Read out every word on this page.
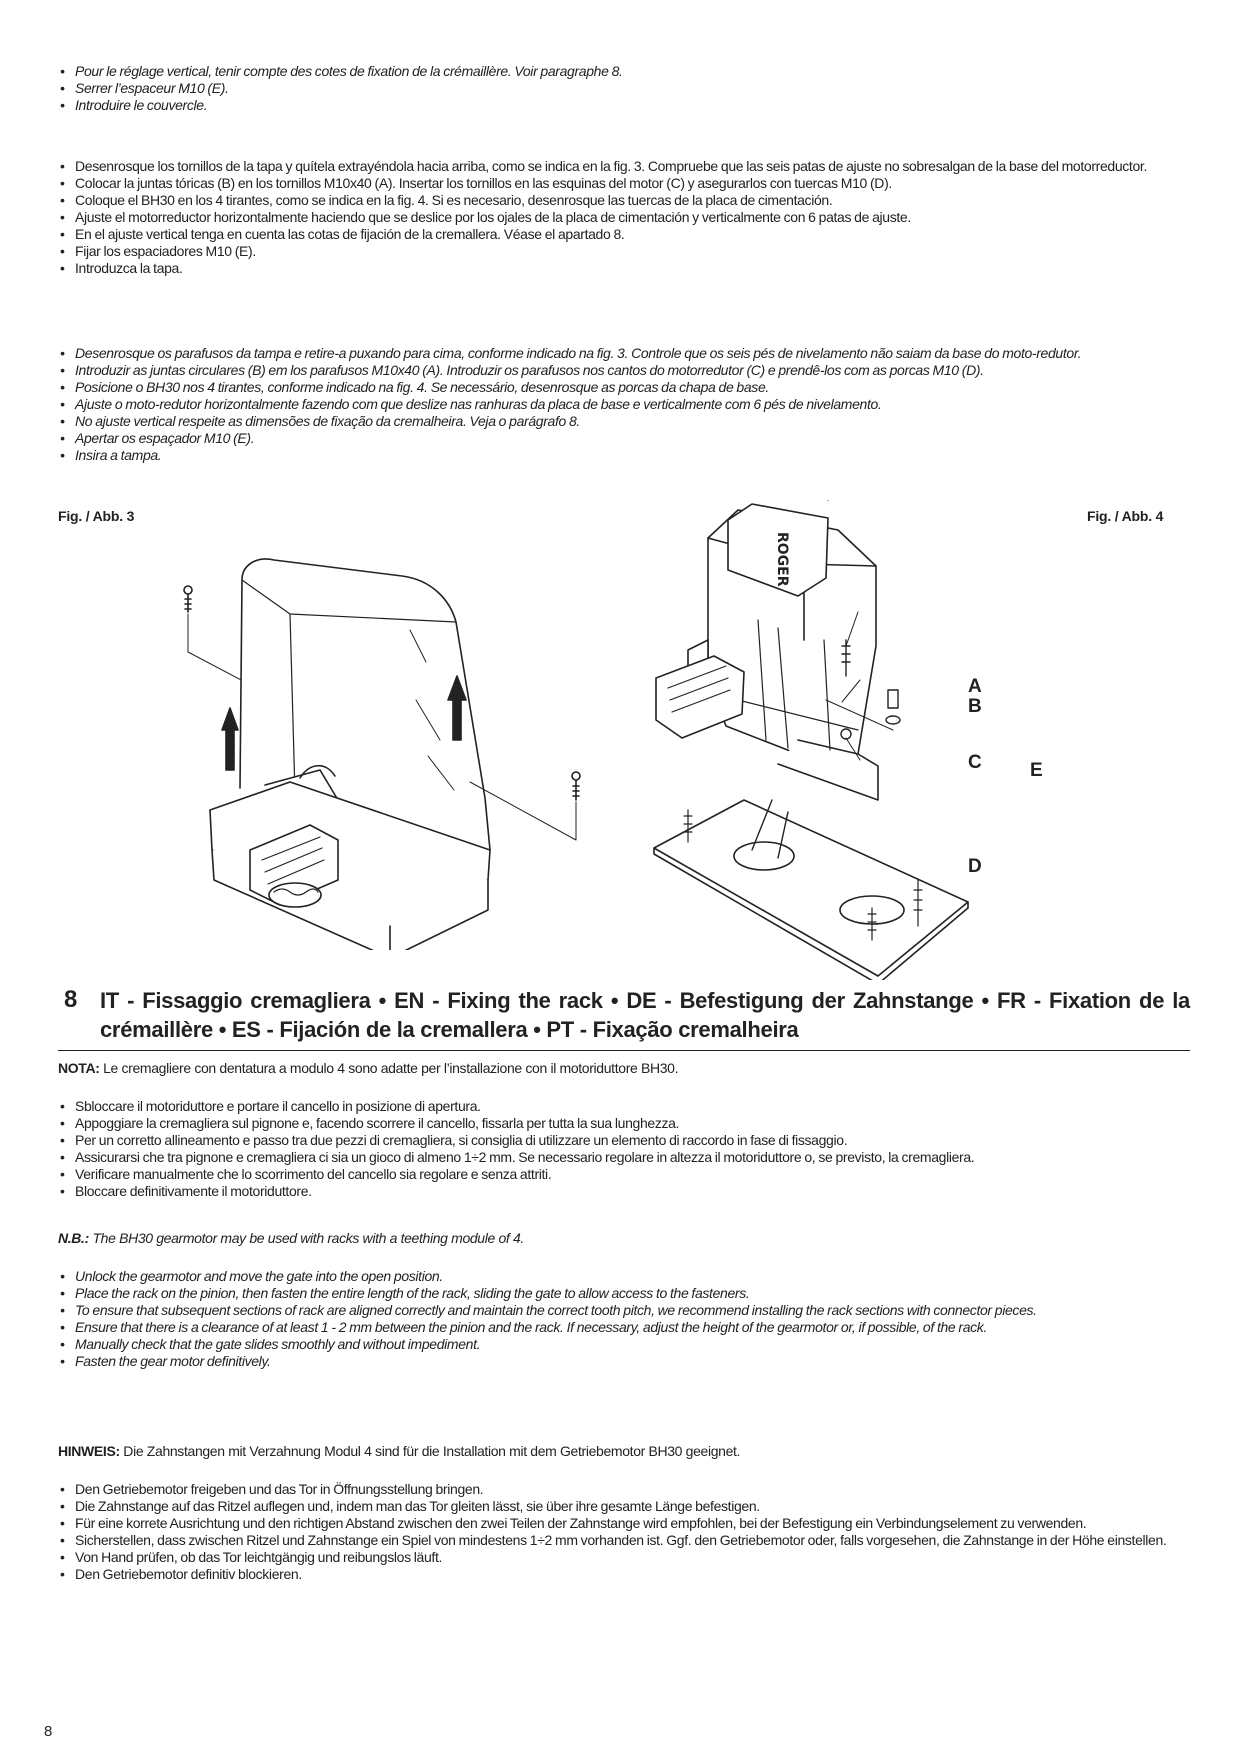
• Pour le réglage vertical, tenir compte des cotes de fixation de la crémaillère. Voir paragraphe 8.
• Serrer l’espaceur M10 (E).
• Introduire le couvercle.
• Desenrosque los tornillos de la tapa y quítela extrayéndola hacia arriba, como se indica en la fig. 3. Compruebe que las seis patas de ajuste no sobresalgan de la base del motorreductor.
• Colocar la juntas tóricas (B) en los tornillos M10x40 (A). Insertar los tornillos en las esquinas del motor (C) y asegurarlos con tuercas M10 (D).
• Coloque el BH30 en los 4 tirantes, como se indica en la fig. 4. Si es necesario, desenrosque las tuercas de la placa de cimentación.
• Ajuste el motorreductor horizontalmente haciendo que se deslice por los ojales de la placa de cimentación y verticalmente con 6 patas de ajuste.
• En el ajuste vertical tenga en cuenta las cotas de fijación de la cremallera. Véase el apartado 8.
• Fijar los espaciadores M10 (E).
• Introduzca la tapa.
• Desenrosque os parafusos da tampa e retire-a puxando para cima, conforme indicado na fig. 3. Controle que os seis pés de nivelamento não saiam da base do moto-redutor.
• Introduzir as juntas circulares (B) em los parafusos M10x40 (A). Introduzir os parafusos nos cantos do motorredutor (C) e prendê-los com as porcas M10 (D).
• Posicione o BH30 nos 4 tirantes, conforme indicado na fig. 4. Se necessário, desenrosque as porcas da chapa de base.
• Ajuste o moto-redutor horizontalmente fazendo com que deslize nas ranhuras da placa de base e verticalmente com 6 pés de nivelamento.
• No ajuste vertical respeite as dimensões de fixação da cremalheira. Veja o parágrafo 8.
• Apertar os espaçador M10 (E).
• Insira a tampa.
Fig. / Abb. 3	Fig. / Abb. 4
ROGER
A
B
C
D
E
8 IT - Fissaggio cremagliera • EN - Fixing the rack • DE - Befestigung der Zahnstange • FR - Fixation de la crémaillère • ES - Fijación de la cremallera • PT - Fixação cremalheira
NOTA: Le cremagliere con dentatura a modulo 4 sono adatte per l’installazione con il motoriduttore BH30.
• Sbloccare il motoriduttore e portare il cancello in posizione di apertura.
• Appoggiare la cremagliera sul pignone e, facendo scorrere il cancello, fissarla per tutta la sua lunghezza.
• Per un corretto allineamento e passo tra due pezzi di cremagliera, si consiglia di utilizzare un elemento di raccordo in fase di fissaggio.
• Assicurarsi che tra pignone e cremagliera ci sia un gioco di almeno 1÷2 mm. Se necessario regolare in altezza il motoriduttore o, se previsto, la cremagliera.
• Verificare manualmente che lo scorrimento del cancello sia regolare e senza attriti.
• Bloccare definitivamente il motoriduttore.
N.B.: The BH30 gearmotor may be used with racks with a teething module of 4.
• Unlock the gearmotor and move the gate into the open position.
• Place the rack on the pinion, then fasten the entire length of the rack, sliding the gate to allow access to the fasteners.
• To ensure that subsequent sections of rack are aligned correctly and maintain the correct tooth pitch, we recommend installing the rack sections with connector pieces.
• Ensure that there is a clearance of at least 1 - 2 mm between the pinion and the rack. If necessary, adjust the height of the gearmotor or, if possible, of the rack.
• Manually check that the gate slides smoothly and without impediment.
• Fasten the gear motor definitively.
HINWEIS: Die Zahnstangen mit Verzahnung Modul 4 sind für die Installation mit dem Getriebemotor BH30 geeignet.
• Den Getriebemotor freigeben und das Tor in Öffnungsstellung bringen.
• Die Zahnstange auf das Ritzel auflegen und, indem man das Tor gleiten lässt, sie über ihre gesamte Länge befestigen.
• Für eine korrete Ausrichtung und den richtigen Abstand zwischen den zwei Teilen der Zahnstange wird empfohlen, bei der Befestigung ein Verbindungselement zu verwenden.
• Sicherstellen, dass zwischen Ritzel und Zahnstange ein Spiel von mindestens 1÷2 mm vorhanden ist. Ggf. den Getriebemotor oder, falls vorgesehen, die Zahnstange in der Höhe einstellen.
• Von Hand prüfen, ob das Tor leichtgängig und reibungslos läuft.
• Den Getriebemotor definitiv blockieren.
8
